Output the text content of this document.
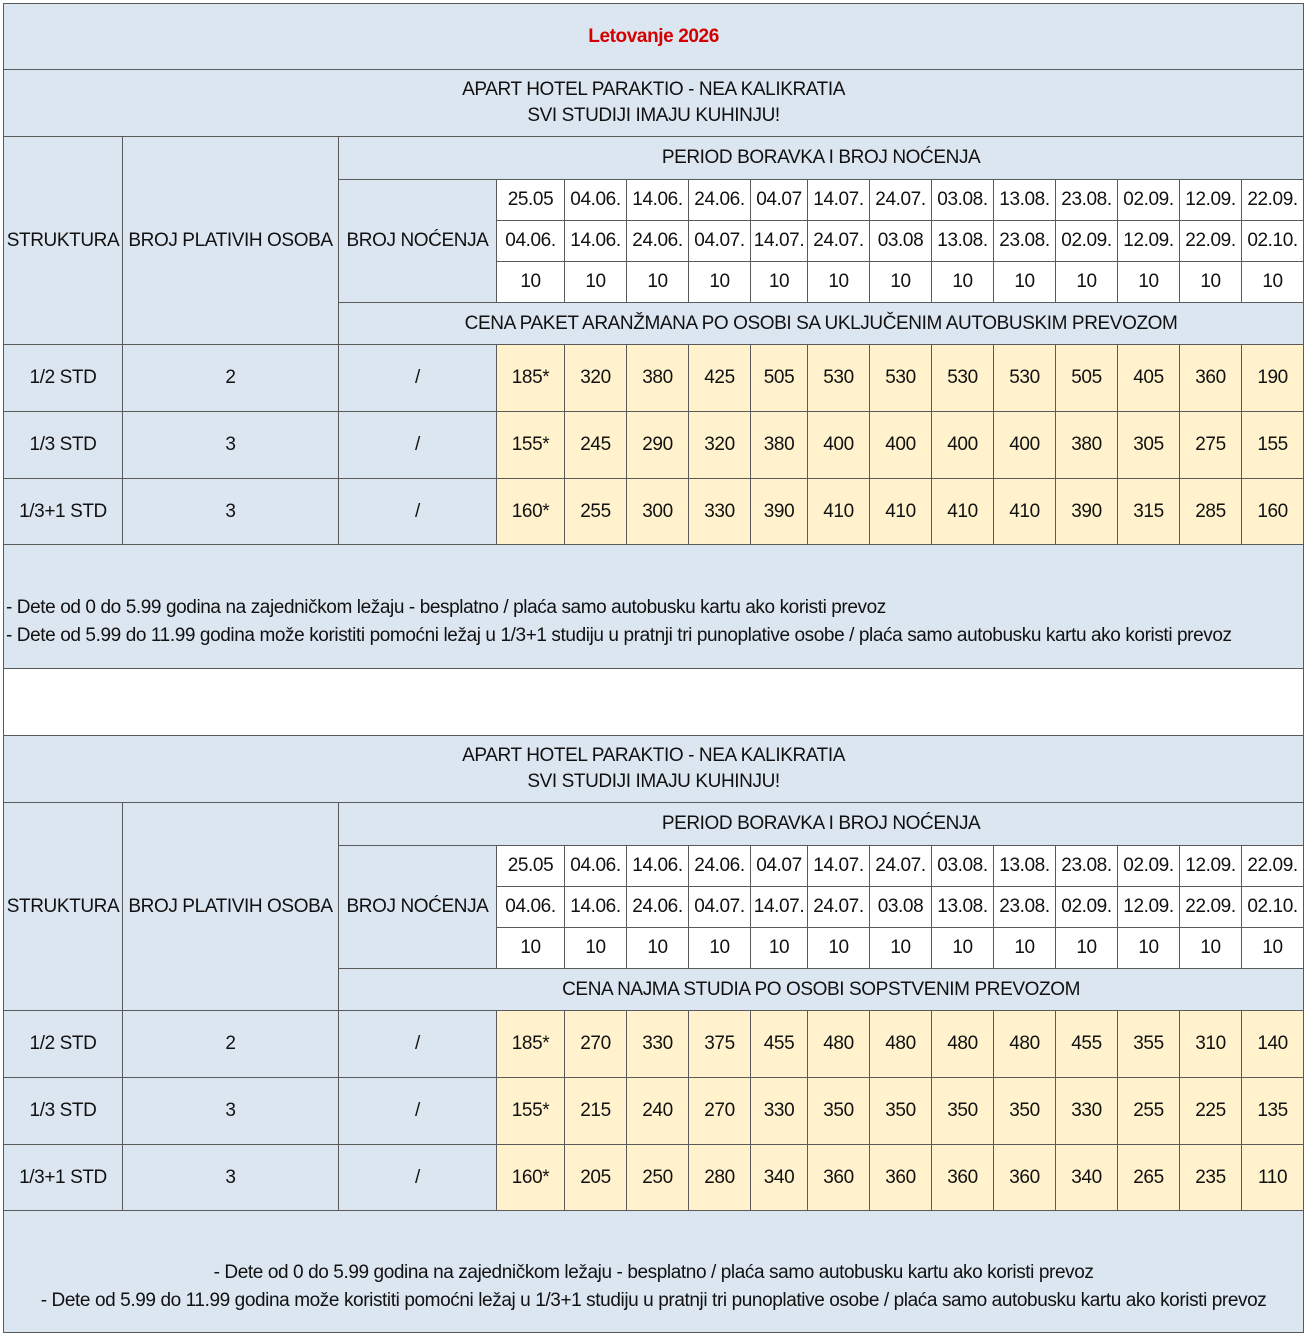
Letovanje 2026															

APART HOTEL PARAKTIO - NEA KALIKRATIA
SVI STUDIJI IMAJU KUHINJU!															

STRUKTURA	BROJ PLATIVIH OSOBA	PERIOD BORAVKA I BROJ NOĆENJA													
		BROJ NOĆENJA	25.05	04.06.	14.06.	24.06.	04.07	14.07.	24.07.	03.08.	13.08.	23.08.	02.09.	12.09.	22.09.
			04.06.	14.06.	24.06.	04.07.	14.07.	24.07.	03.08	13.08.	23.08.	02.09.	12.09.	22.09.	02.10.
			10	10	10	10	10	10	10	10	10	10	10	10	10
		CENA PAKET ARANŽMANA PO OSOBI SA UKLJUČENIM AUTOBUSKIM PREVOZOM													
1/2 STD	2	/	185*	320	380	425	505	530	530	530	530	505	405	360	190
1/3 STD	3	/	155*	245	290	320	380	400	400	400	400	380	305	275	155
1/3+1 STD	3	/	160*	255	300	330	390	410	410	410	410	390	315	285	160

- Dete od 0 do 5.99 godina na zajedničkom ležaju - besplatno / plaća samo autobusku kartu ako koristi prevoz
- Dete od 5.99 do 11.99 godina može koristiti pomoćni ležaj u 1/3+1 studiju u pratnji tri punoplative osobe / plaća samo autobusku kartu ako koristi prevoz															

APART HOTEL PARAKTIO - NEA KALIKRATIA
SVI STUDIJI IMAJU KUHINJU!															

STRUKTURA	BROJ PLATIVIH OSOBA	PERIOD BORAVKA I BROJ NOĆENJA													
		BROJ NOĆENJA	25.05	04.06.	14.06.	24.06.	04.07	14.07.	24.07.	03.08.	13.08.	23.08.	02.09.	12.09.	22.09.
			04.06.	14.06.	24.06.	04.07.	14.07.	24.07.	03.08	13.08.	23.08.	02.09.	12.09.	22.09.	02.10.
			10	10	10	10	10	10	10	10	10	10	10	10	10
		CENA NAJMA STUDIA PO OSOBI SOPSTVENIM PREVOZOM													
1/2 STD	2	/	185*	270	330	375	455	480	480	480	480	455	355	310	140
1/3 STD	3	/	155*	215	240	270	330	350	350	350	350	330	255	225	135
1/3+1 STD	3	/	160*	205	250	280	340	360	360	360	360	340	265	235	110

- Dete od 0 do 5.99 godina na zajedničkom ležaju - besplatno / plaća samo autobusku kartu ako koristi prevoz
- Dete od 5.99 do 11.99 godina može koristiti pomoćni ležaj u 1/3+1 studiju u pratnji tri punoplative osobe / plaća samo autobusku kartu ako koristi prevoz															
